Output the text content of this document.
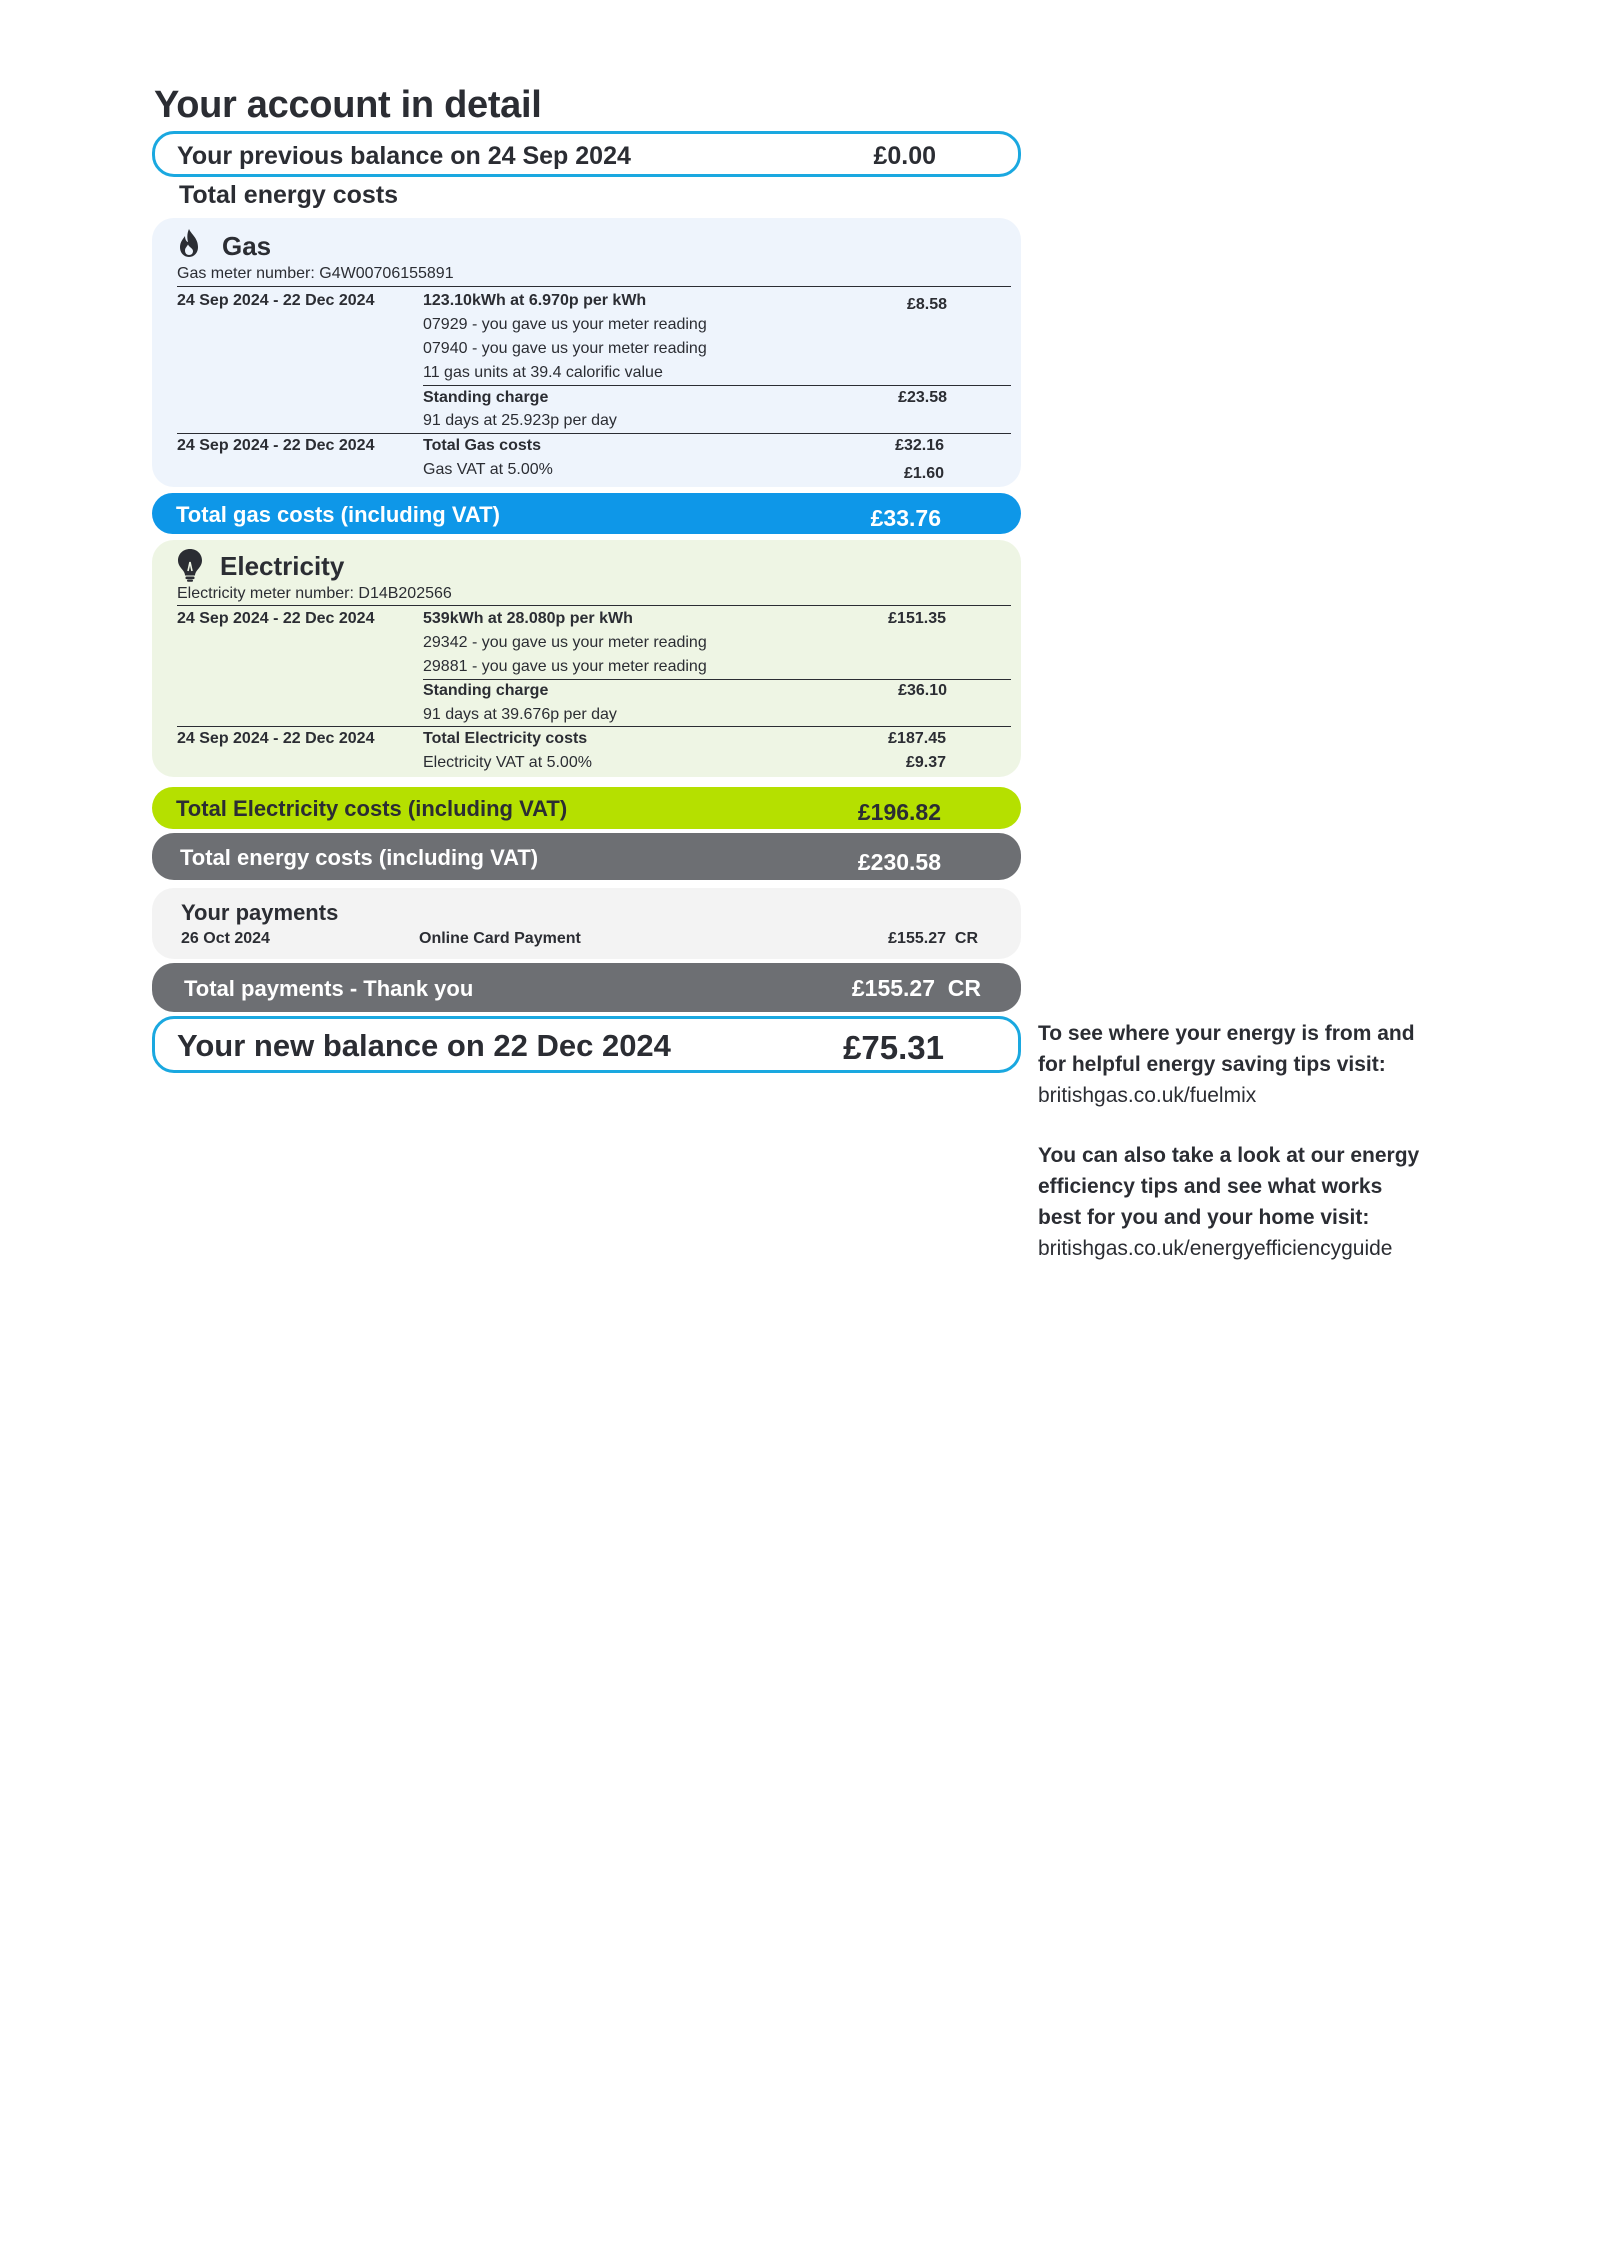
Your account in detail
Your previous balance on 24 Sep 2024	£0.00
Total energy costs
Gas
Gas meter number: G4W00706155891
24 Sep 2024 - 22 Dec 2024	123.10kWh at 6.970p per kWh	£8.58
07929 - you gave us your meter reading
07940 - you gave us your meter reading
11 gas units at 39.4 calorific value
Standing charge	£23.58
91 days at 25.923p per day
24 Sep 2024 - 22 Dec 2024	Total Gas costs	£32.16
Gas VAT at 5.00%	£1.60
Total gas costs (including VAT)	£33.76
Electricity
Electricity meter number: D14B202566
24 Sep 2024 - 22 Dec 2024	539kWh at 28.080p per kWh	£151.35
29342 - you gave us your meter reading
29881 - you gave us your meter reading
Standing charge	£36.10
91 days at 39.676p per day
24 Sep 2024 - 22 Dec 2024	Total Electricity costs	£187.45
Electricity VAT at 5.00%	£9.37
Total Electricity costs (including VAT)	£196.82
Total energy costs (including VAT)	£230.58
Your payments
26 Oct 2024	Online Card Payment	£155.27  CR
Total payments - Thank you	£155.27  CR
Your new balance on 22 Dec 2024	£75.31	To see where your energy is from and
for helpful energy saving tips visit:
britishgas.co.uk/fuelmix
You can also take a look at our energy
efficiency tips and see what works
best for you and your home visit:
britishgas.co.uk/energyefficiencyguide
